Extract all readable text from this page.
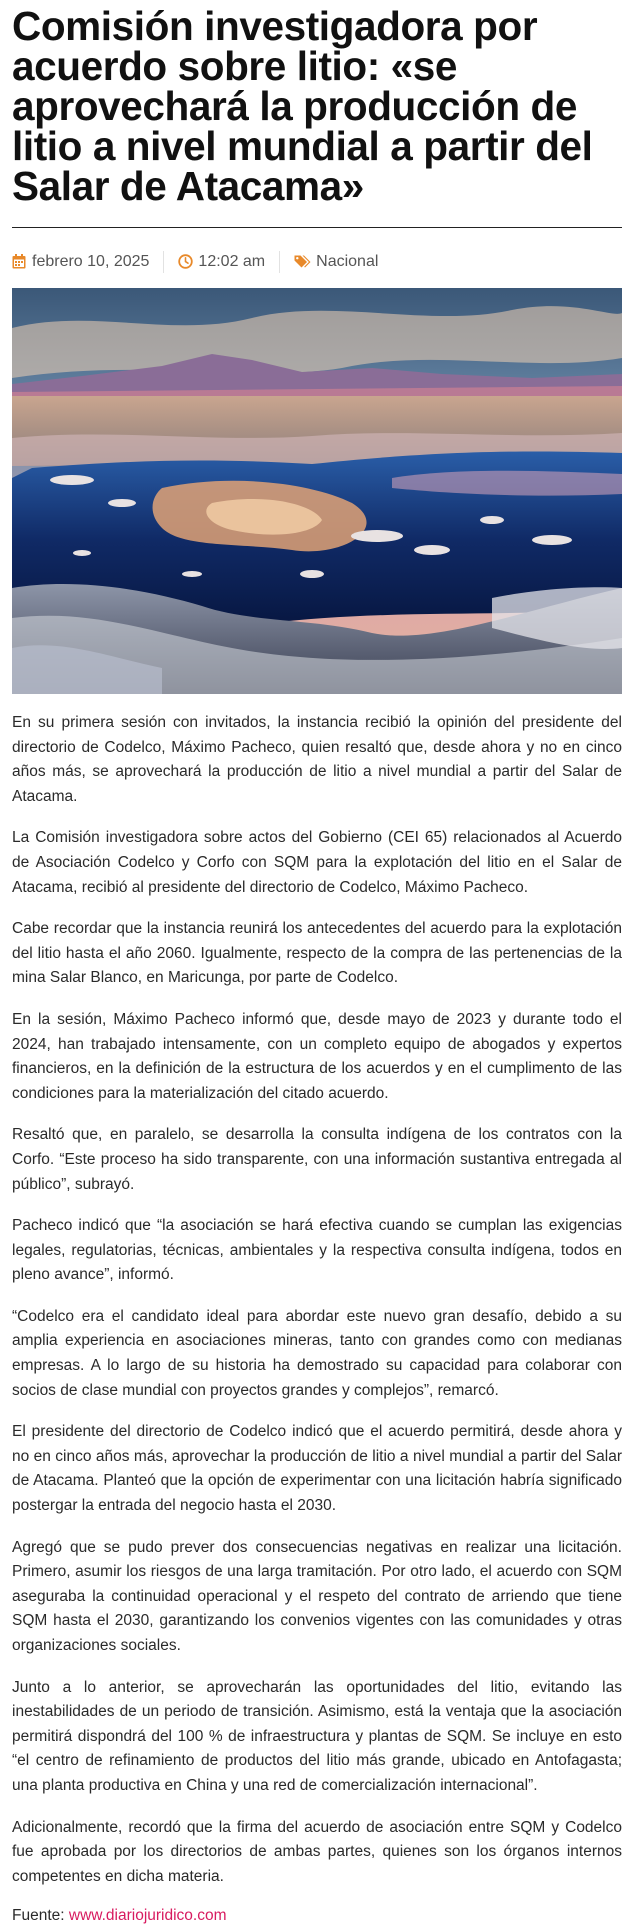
Comisión investigadora por acuerdo sobre litio: «se aprovechará la producción de litio a nivel mundial a partir del Salar de Atacama»
febrero 10, 2025	12:02 am	Nacional

En su primera sesión con invitados, la instancia recibió la opinión del presidente del directorio de Codelco, Máximo Pacheco, quien resaltó que, desde ahora y no en cinco años más, se aprovechará la producción de litio a nivel mundial a partir del Salar de Atacama.

La Comisión investigadora sobre actos del Gobierno (CEI 65) relacionados al Acuerdo de Asociación Codelco y Corfo con SQM para la explotación del litio en el Salar de Atacama, recibió al presidente del directorio de Codelco, Máximo Pacheco.

Cabe recordar que la instancia reunirá los antecedentes del acuerdo para la explotación del litio hasta el año 2060. Igualmente, respecto de la compra de las pertenencias de la mina Salar Blanco, en Maricunga, por parte de Codelco.

En la sesión, Máximo Pacheco informó que, desde mayo de 2023 y durante todo el 2024, han trabajado intensamente, con un completo equipo de abogados y expertos financieros, en la definición de la estructura de los acuerdos y en el cumplimento de las condiciones para la materialización del citado acuerdo.

Resaltó que, en paralelo, se desarrolla la consulta indígena de los contratos con la Corfo. “Este proceso ha sido transparente, con una información sustantiva entregada al público”, subrayó.

Pacheco indicó que “la asociación se hará efectiva cuando se cumplan las exigencias legales, regulatorias, técnicas, ambientales y la respectiva consulta indígena, todos en pleno avance”, informó.

“Codelco era el candidato ideal para abordar este nuevo gran desafío, debido a su amplia experiencia en asociaciones mineras, tanto con grandes como con medianas empresas. A lo largo de su historia ha demostrado su capacidad para colaborar con socios de clase mundial con proyectos grandes y complejos”, remarcó.

El presidente del directorio de Codelco indicó que el acuerdo permitirá, desde ahora y no en cinco años más, aprovechar la producción de litio a nivel mundial a partir del Salar de Atacama. Planteó que la opción de experimentar con una licitación habría significado postergar la entrada del negocio hasta el 2030.

Agregó que se pudo prever dos consecuencias negativas en realizar una licitación. Primero, asumir los riesgos de una larga tramitación. Por otro lado, el acuerdo con SQM aseguraba la continuidad operacional y el respeto del contrato de arriendo que tiene SQM hasta el 2030, garantizando los convenios vigentes con las comunidades y otras organizaciones sociales.

Junto a lo anterior, se aprovecharán las oportunidades del litio, evitando las inestabilidades de un periodo de transición. Asimismo, está la ventaja que la asociación permitirá dispondrá del 100 % de infraestructura y plantas de SQM. Se incluye en esto “el centro de refinamiento de productos del litio más grande, ubicado en Antofagasta; una planta productiva en China y una red de comercialización internacional”.

Adicionalmente, recordó que la firma del acuerdo de asociación entre SQM y Codelco fue aprobada por los directorios de ambas partes, quienes son los órganos internos competentes en dicha materia.

Fuente: www.diariojuridico.com
